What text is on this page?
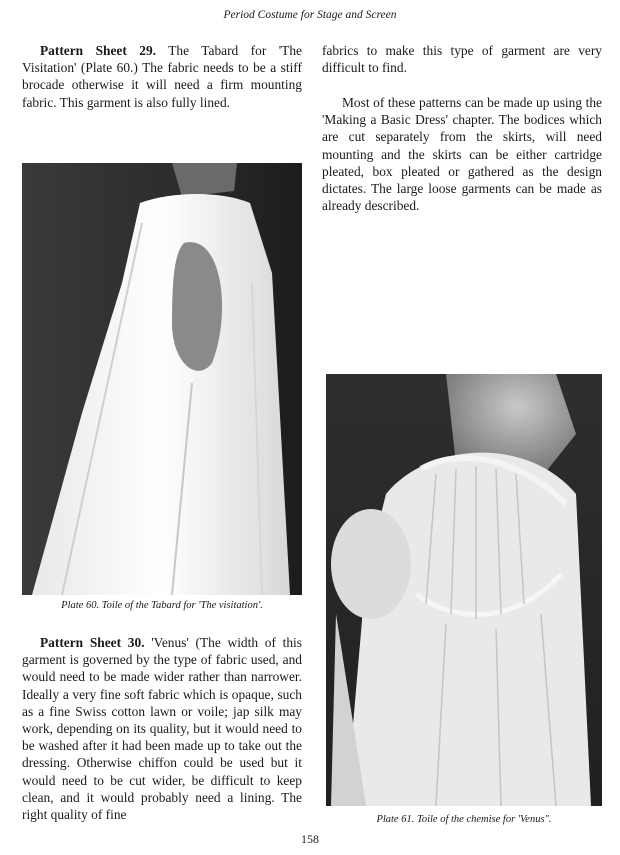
Period Costume for Stage and Screen

Pattern Sheet 29. The Tabard for 'The Visitation' (Plate 60.) The fabric needs to be a stiff brocade otherwise it will need a firm mounting fabric. This garment is also fully lined.

fabrics to make this type of garment are very difficult to find.

Most of these patterns can be made up using the 'Making a Basic Dress' chapter. The bodices which are cut separately from the skirts, will need mounting and the skirts can be either cartridge pleated, box pleated or gathered as the design dictates. The large loose garments can be made as already described.

Plate 60. Toile of the Tabard for 'The visitation'.

Pattern Sheet 30. 'Venus' (The width of this garment is governed by the type of fabric used, and would need to be made wider rather than narrower. Ideally a very fine soft fabric which is opaque, such as a fine Swiss cotton lawn or voile; jap silk may work, depending on its quality, but it would need to be washed after it had been made up to take out the dressing. Otherwise chiffon could be used but it would need to be cut wider, be difficult to keep clean, and it would probably need a lining. The right quality of fine	Plate 61. Toile of the chemise for 'Venus".
158
